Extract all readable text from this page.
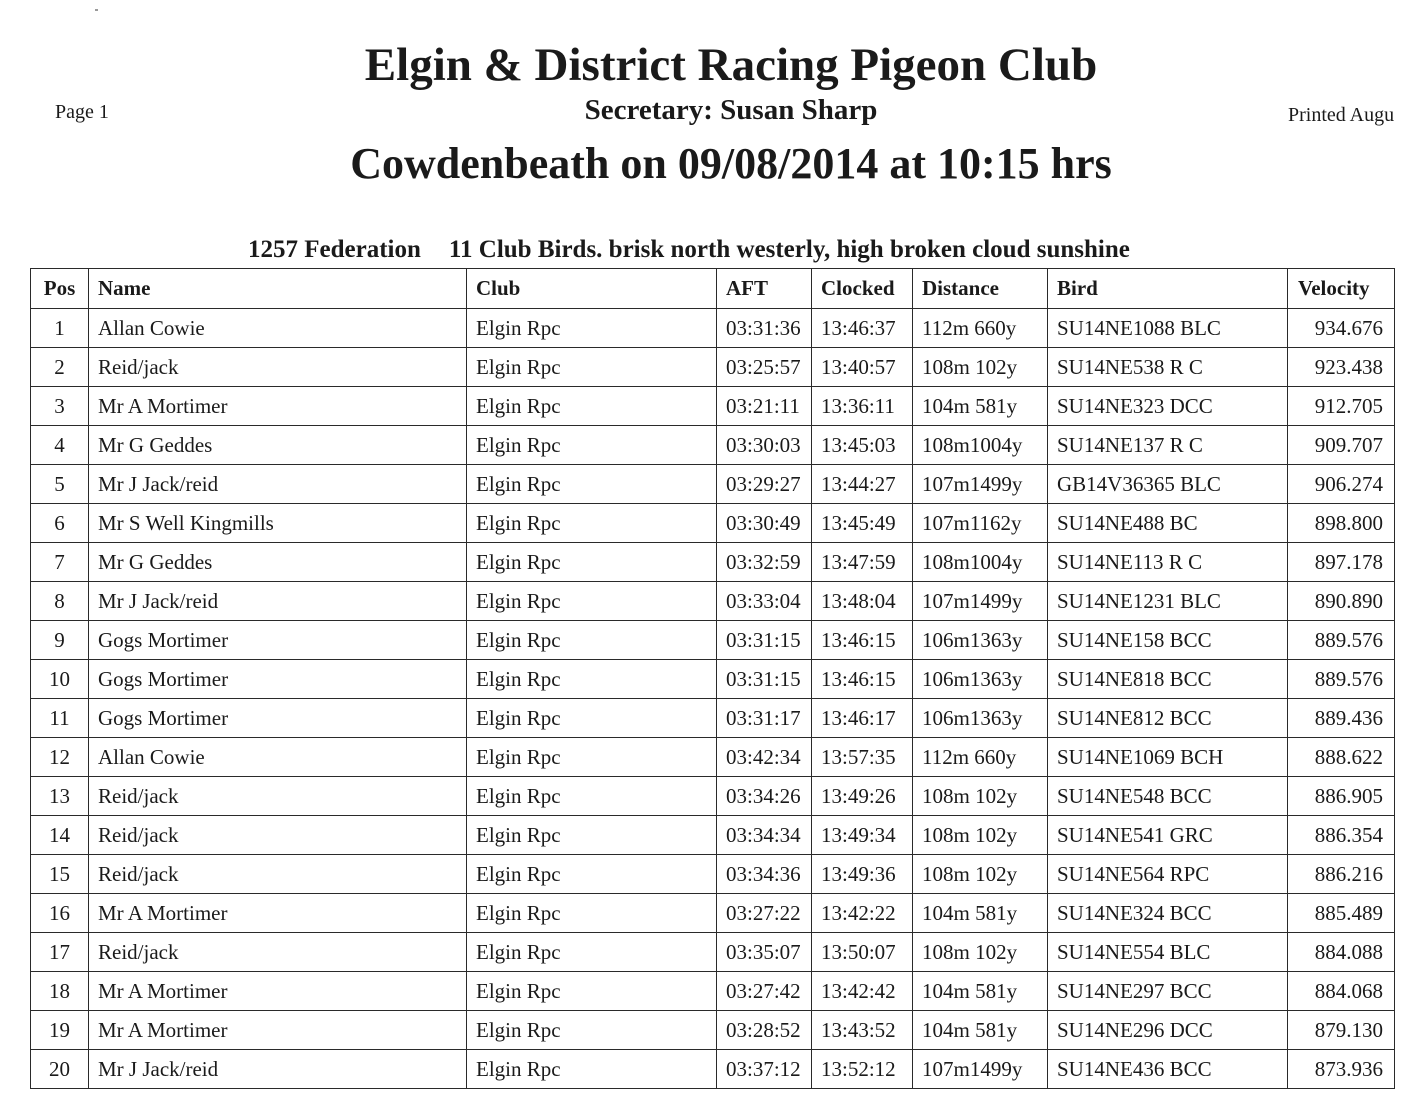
Elgin & District Racing Pigeon Club
Page 1	Secretary: Susan Sharp	Printed Augu
Cowdenbeath on 09/08/2014 at 10:15 hrs
1257 Federation 11 Club Birds. brisk north westerly, high broken cloud sunshine
Pos	Name	Club	AFT	Clocked	Distance	Bird	Velocity
1	Allan Cowie	Elgin Rpc	03:31:36	13:46:37	112m 660y	SU14NE1088 BLC	934.676
2	Reid/jack	Elgin Rpc	03:25:57	13:40:57	108m 102y	SU14NE538 R C	923.438
3	Mr A Mortimer	Elgin Rpc	03:21:11	13:36:11	104m 581y	SU14NE323 DCC	912.705
4	Mr G Geddes	Elgin Rpc	03:30:03	13:45:03	108m1004y	SU14NE137 R C	909.707
5	Mr J Jack/reid	Elgin Rpc	03:29:27	13:44:27	107m1499y	GB14V36365 BLC	906.274
6	Mr S Well Kingmills	Elgin Rpc	03:30:49	13:45:49	107m1162y	SU14NE488 BC	898.800
7	Mr G Geddes	Elgin Rpc	03:32:59	13:47:59	108m1004y	SU14NE113 R C	897.178
8	Mr J Jack/reid	Elgin Rpc	03:33:04	13:48:04	107m1499y	SU14NE1231 BLC	890.890
9	Gogs Mortimer	Elgin Rpc	03:31:15	13:46:15	106m1363y	SU14NE158 BCC	889.576
10	Gogs Mortimer	Elgin Rpc	03:31:15	13:46:15	106m1363y	SU14NE818 BCC	889.576
11	Gogs Mortimer	Elgin Rpc	03:31:17	13:46:17	106m1363y	SU14NE812 BCC	889.436
12	Allan Cowie	Elgin Rpc	03:42:34	13:57:35	112m 660y	SU14NE1069 BCH	888.622
13	Reid/jack	Elgin Rpc	03:34:26	13:49:26	108m 102y	SU14NE548 BCC	886.905
14	Reid/jack	Elgin Rpc	03:34:34	13:49:34	108m 102y	SU14NE541 GRC	886.354
15	Reid/jack	Elgin Rpc	03:34:36	13:49:36	108m 102y	SU14NE564 RPC	886.216
16	Mr A Mortimer	Elgin Rpc	03:27:22	13:42:22	104m 581y	SU14NE324 BCC	885.489
17	Reid/jack	Elgin Rpc	03:35:07	13:50:07	108m 102y	SU14NE554 BLC	884.088
18	Mr A Mortimer	Elgin Rpc	03:27:42	13:42:42	104m 581y	SU14NE297 BCC	884.068
19	Mr A Mortimer	Elgin Rpc	03:28:52	13:43:52	104m 581y	SU14NE296 DCC	879.130
20	Mr J Jack/reid	Elgin Rpc	03:37:12	13:52:12	107m1499y	SU14NE436 BCC	873.936
